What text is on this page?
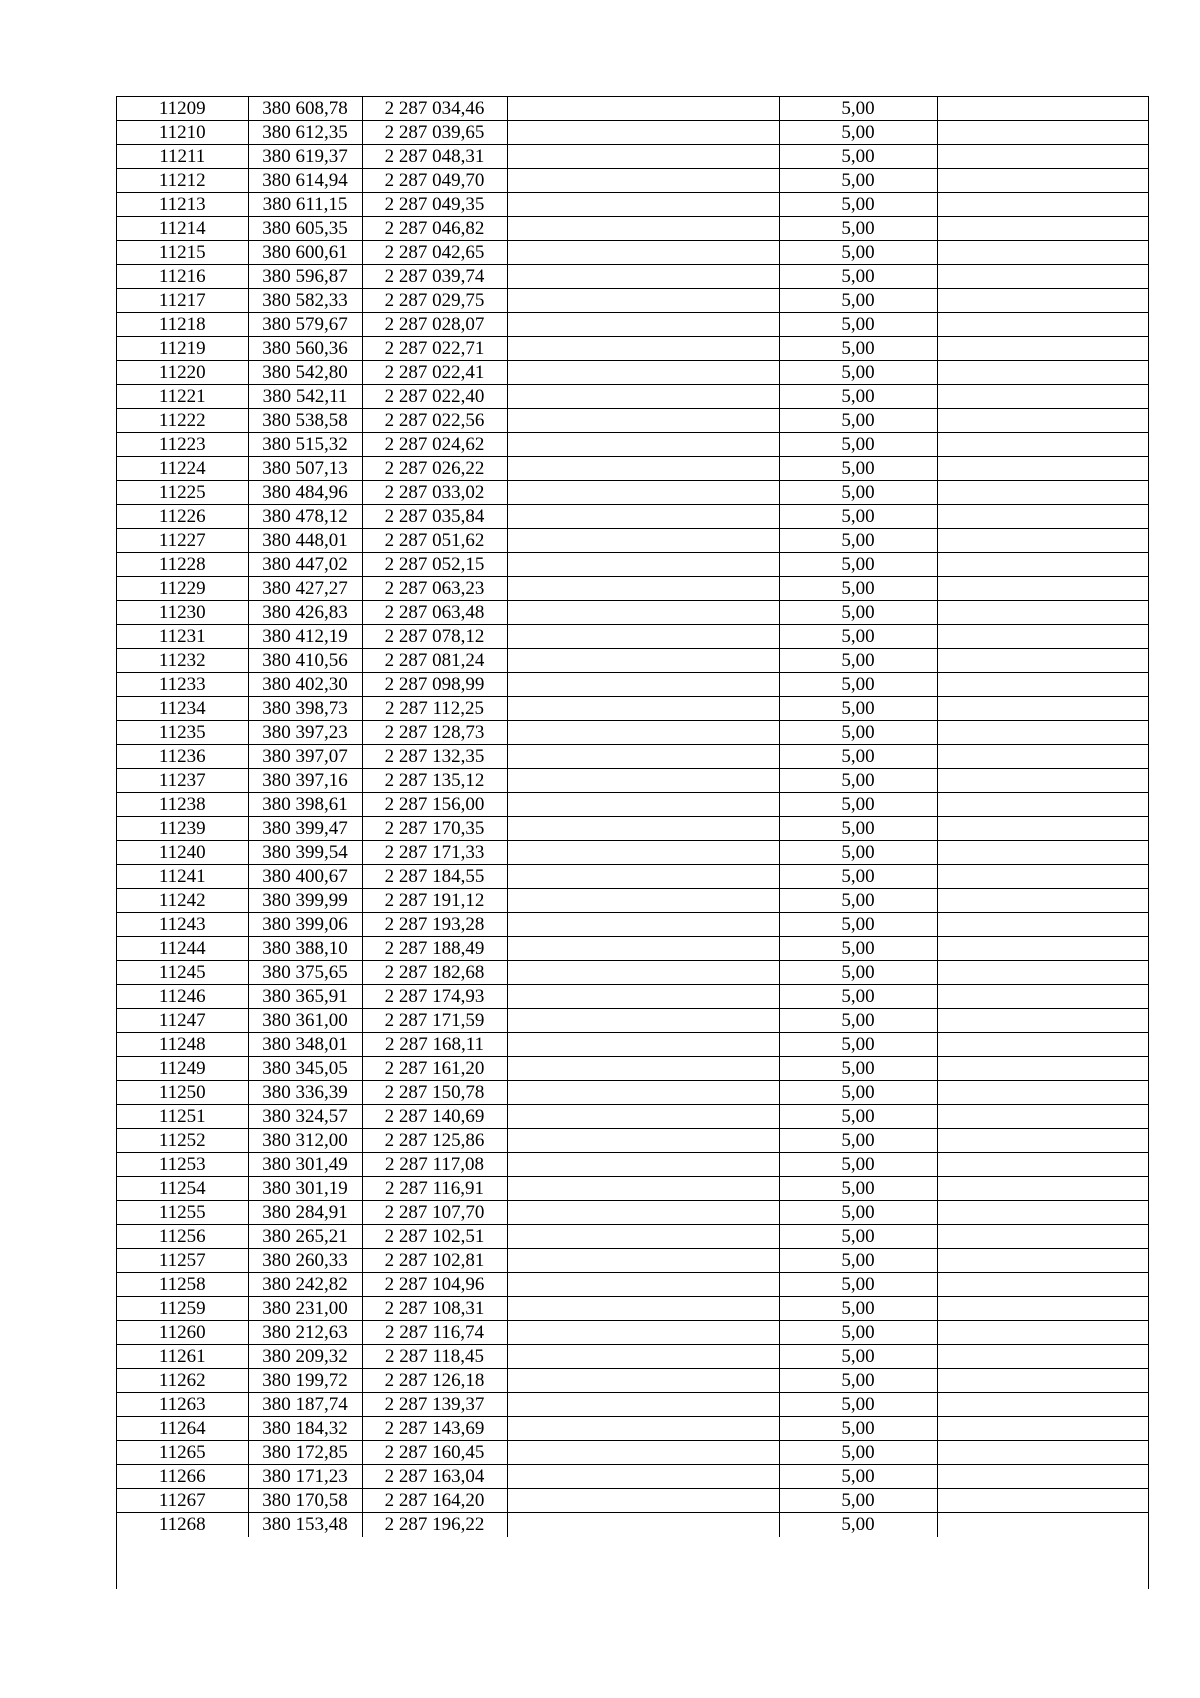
11209	380 608,78	2 287 034,46		5,00	
11210	380 612,35	2 287 039,65		5,00	
11211	380 619,37	2 287 048,31		5,00	
11212	380 614,94	2 287 049,70		5,00	
11213	380 611,15	2 287 049,35		5,00	
11214	380 605,35	2 287 046,82		5,00	
11215	380 600,61	2 287 042,65		5,00	
11216	380 596,87	2 287 039,74		5,00	
11217	380 582,33	2 287 029,75		5,00	
11218	380 579,67	2 287 028,07		5,00	
11219	380 560,36	2 287 022,71		5,00	
11220	380 542,80	2 287 022,41		5,00	
11221	380 542,11	2 287 022,40		5,00	
11222	380 538,58	2 287 022,56		5,00	
11223	380 515,32	2 287 024,62		5,00	
11224	380 507,13	2 287 026,22		5,00	
11225	380 484,96	2 287 033,02		5,00	
11226	380 478,12	2 287 035,84		5,00	
11227	380 448,01	2 287 051,62		5,00	
11228	380 447,02	2 287 052,15		5,00	
11229	380 427,27	2 287 063,23		5,00	
11230	380 426,83	2 287 063,48		5,00	
11231	380 412,19	2 287 078,12		5,00	
11232	380 410,56	2 287 081,24		5,00	
11233	380 402,30	2 287 098,99		5,00	
11234	380 398,73	2 287 112,25		5,00	
11235	380 397,23	2 287 128,73		5,00	
11236	380 397,07	2 287 132,35		5,00	
11237	380 397,16	2 287 135,12		5,00	
11238	380 398,61	2 287 156,00		5,00	
11239	380 399,47	2 287 170,35		5,00	
11240	380 399,54	2 287 171,33		5,00	
11241	380 400,67	2 287 184,55		5,00	
11242	380 399,99	2 287 191,12		5,00	
11243	380 399,06	2 287 193,28		5,00	
11244	380 388,10	2 287 188,49		5,00	
11245	380 375,65	2 287 182,68		5,00	
11246	380 365,91	2 287 174,93		5,00	
11247	380 361,00	2 287 171,59		5,00	
11248	380 348,01	2 287 168,11		5,00	
11249	380 345,05	2 287 161,20		5,00	
11250	380 336,39	2 287 150,78		5,00	
11251	380 324,57	2 287 140,69		5,00	
11252	380 312,00	2 287 125,86		5,00	
11253	380 301,49	2 287 117,08		5,00	
11254	380 301,19	2 287 116,91		5,00	
11255	380 284,91	2 287 107,70		5,00	
11256	380 265,21	2 287 102,51		5,00	
11257	380 260,33	2 287 102,81		5,00	
11258	380 242,82	2 287 104,96		5,00	
11259	380 231,00	2 287 108,31		5,00	
11260	380 212,63	2 287 116,74		5,00	
11261	380 209,32	2 287 118,45		5,00	
11262	380 199,72	2 287 126,18		5,00	
11263	380 187,74	2 287 139,37		5,00	
11264	380 184,32	2 287 143,69		5,00	
11265	380 172,85	2 287 160,45		5,00	
11266	380 171,23	2 287 163,04		5,00	
11267	380 170,58	2 287 164,20		5,00	
11268	380 153,48	2 287 196,22		5,00	
